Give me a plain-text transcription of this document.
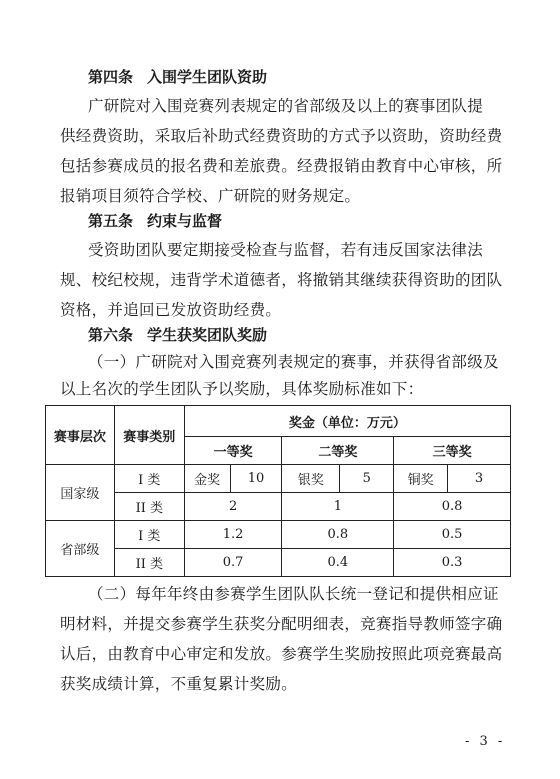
第四条 入围学生团队资助
广研院对入围竞赛列表规定的省部级及以上的赛事团队提
供经费资助，采取后补助式经费资助的方式予以资助，资助经费
包括参赛成员的报名费和差旅费。经费报销由教育中心审核，所
报销项目须符合学校、广研院的财务规定。
第五条 约束与监督
受资助团队要定期接受检查与监督，若有违反国家法律法
规、校纪校规，违背学术道德者，将撤销其继续获得资助的团队
资格，并追回已发放资助经费。
第六条 学生获奖团队奖励
（一）广研院对入围竞赛列表规定的赛事，并获得省部级及
以上名次的学生团队予以奖励，具体奖励标准如下：
赛事层次	赛事类别	奖金（单位：万元）					
		一等奖		二等奖		三等奖	
国家级	I 类	金奖	10	银奖	5	铜奖	3
	II 类	2		1		0.8	
省部级	I 类	1.2		0.8		0.5	
	II 类	0.7		0.4		0.3	
（二）每年年终由参赛学生团队队长统一登记和提供相应证
明材料，并提交参赛学生获奖分配明细表，竞赛指导教师签字确
认后，由教育中心审定和发放。参赛学生奖励按照此项竞赛最高
获奖成绩计算，不重复累计奖励。
- 3 -
